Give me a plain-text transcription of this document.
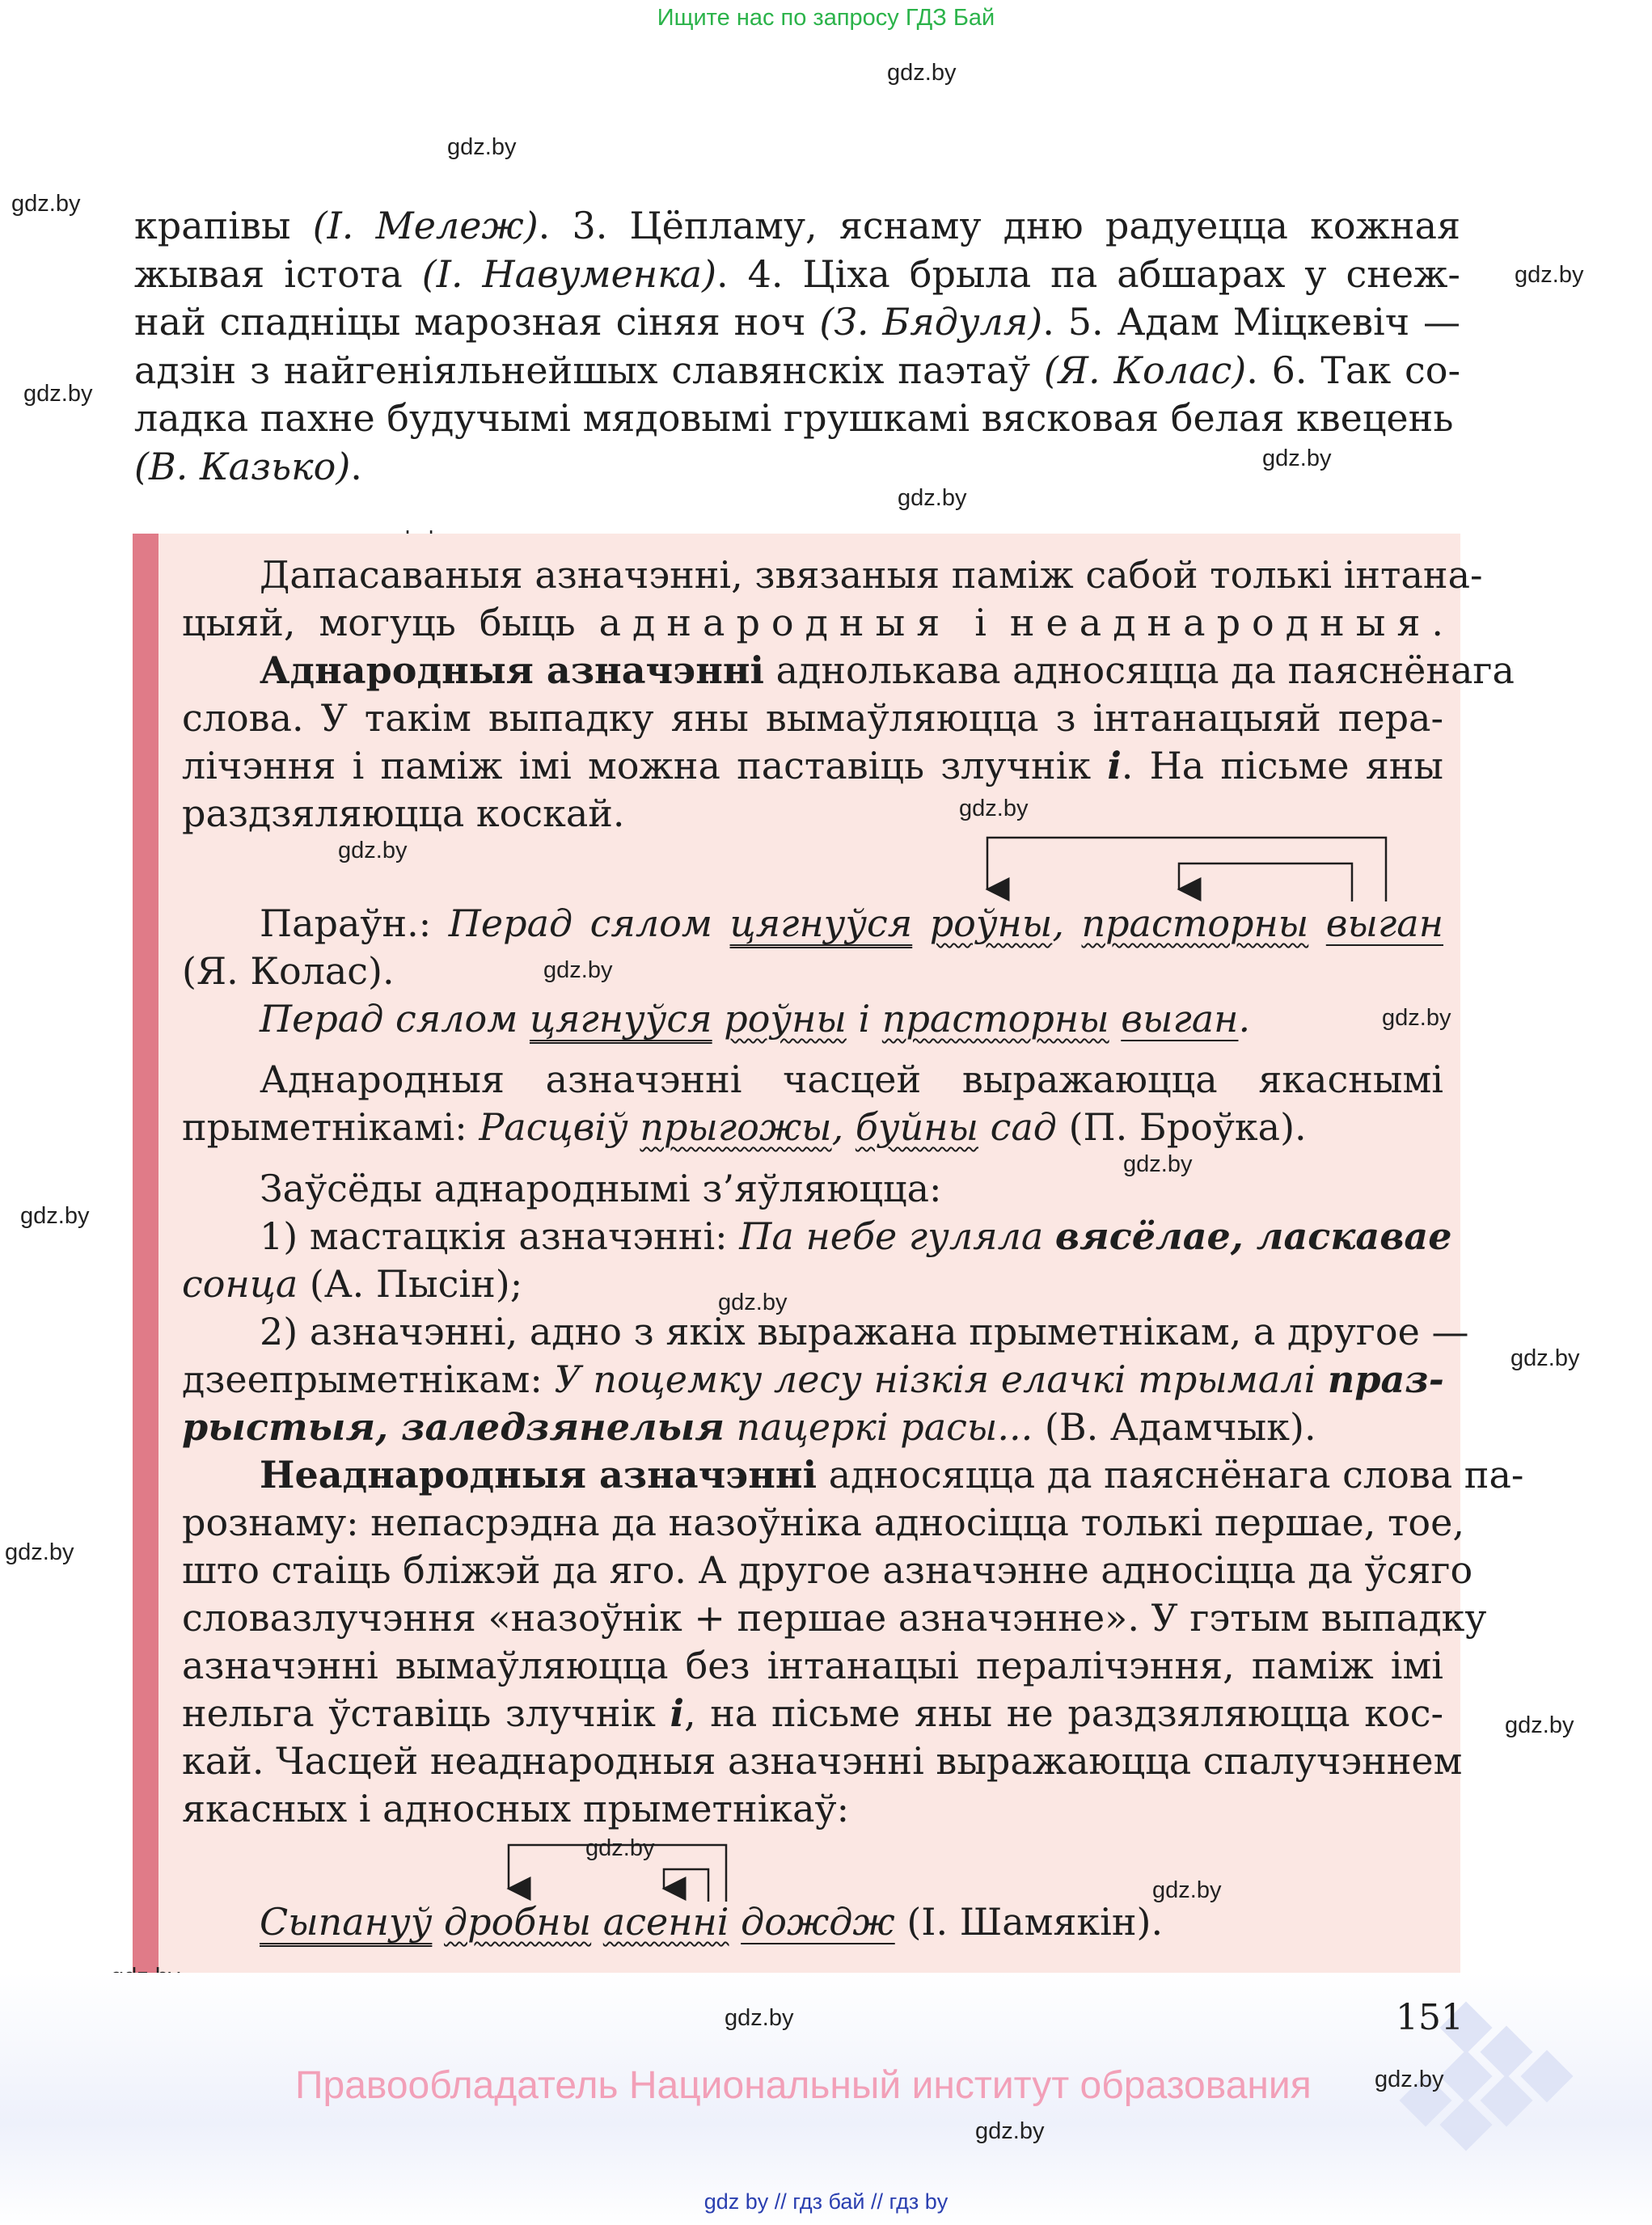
Ищите нас по запросу ГДЗ Бай
gdz.by
gdz.by
gdz.by
gdz.by
gdz.by
gdz.by
gdz.by

крапівы (І. Мележ). 3. Цёпламу, яснаму дню радуецца кожная

жывая істота (І. Навуменка). 4. Ціха брыла па абшарах у снеж-

най спадніцы марозная сіняя ноч (З. Бядуля). 5. Адам Міцкевіч —

адзін з найгеніяльнейшых славянскіх паэтаў (Я. Колас). 6. Так со-

ладка пахне будучымі мядовымі грушкамі вясковая белая квецень

(В. Казько).

Дапасаваныя азначэнні, звязаныя паміж сабой толькі інтана-
цыяй, могуць быць аднародныя і неаднародныя.
Аднародныя азначэнні аднолькава адносяцца да паяснёнага
слова. У такім выпадку яны вымаўляюцца з інтанацыяй пера-
лічэння і паміж імі можна паставіць злучнік і. На пісьме яны
раздзяляюцца коскай.	gdz.by
gdz.by
Параўн.: Перад сялом цягнуўся роўны, прасторны выган
(Я. Колас).	gdz.by
Перад сялом цягнуўся роўны і прасторны выган.	gdz.by
Аднародныя азначэнні часцей выражаюцца якаснымі
прыметнікамі: Расцвіў прыгожы, буйны сад (П. Броўка).
gdz.by
Заўсёды аднароднымі з’яўляюцца:
gdz.by	1) мастацкія азначэнні: Па небе гуляла вясёлае, ласкавае
сонца (А. Пысін);	gdz.by
2) азначэнні, адно з якіх выражана прыметнікам, а другое —
gdz.by
дзеепрыметнікам: У поцемку лесу нізкія елачкі трымалі праз-
рыстыя, заледзянелыя пацеркі расы... (В. Адамчык).
Неаднародныя азначэнні адносяцца да паяснёнага слова па-
рознаму: непасрэдна да назоўніка адносіцца толькі першае, тое,
gdz.by	што стаіць бліжэй да яго. А другое азначэнне адносіцца да ўсяго
словазлучэння «назоўнік + першае азначэнне». У гэтым выпадку
азначэнні вымаўляюцца без інтанацыі пералічэння, паміж імі
нельга ўставіць злучнік і, на пісьме яны не раздзяляюцца кос-	gdz.by
кай. Часцей неаднародныя азначэнні выражаюцца спалучэннем
якасных і адносных прыметнікаў:
gdz.by
gdz.by
Сыпануў дробны асенні дождж (І. Шамякін).
151
gdz.by
Правообладатель Национальный институт образования
gdz.by
gdz.by
gdz by // гдз бай // гдз by
